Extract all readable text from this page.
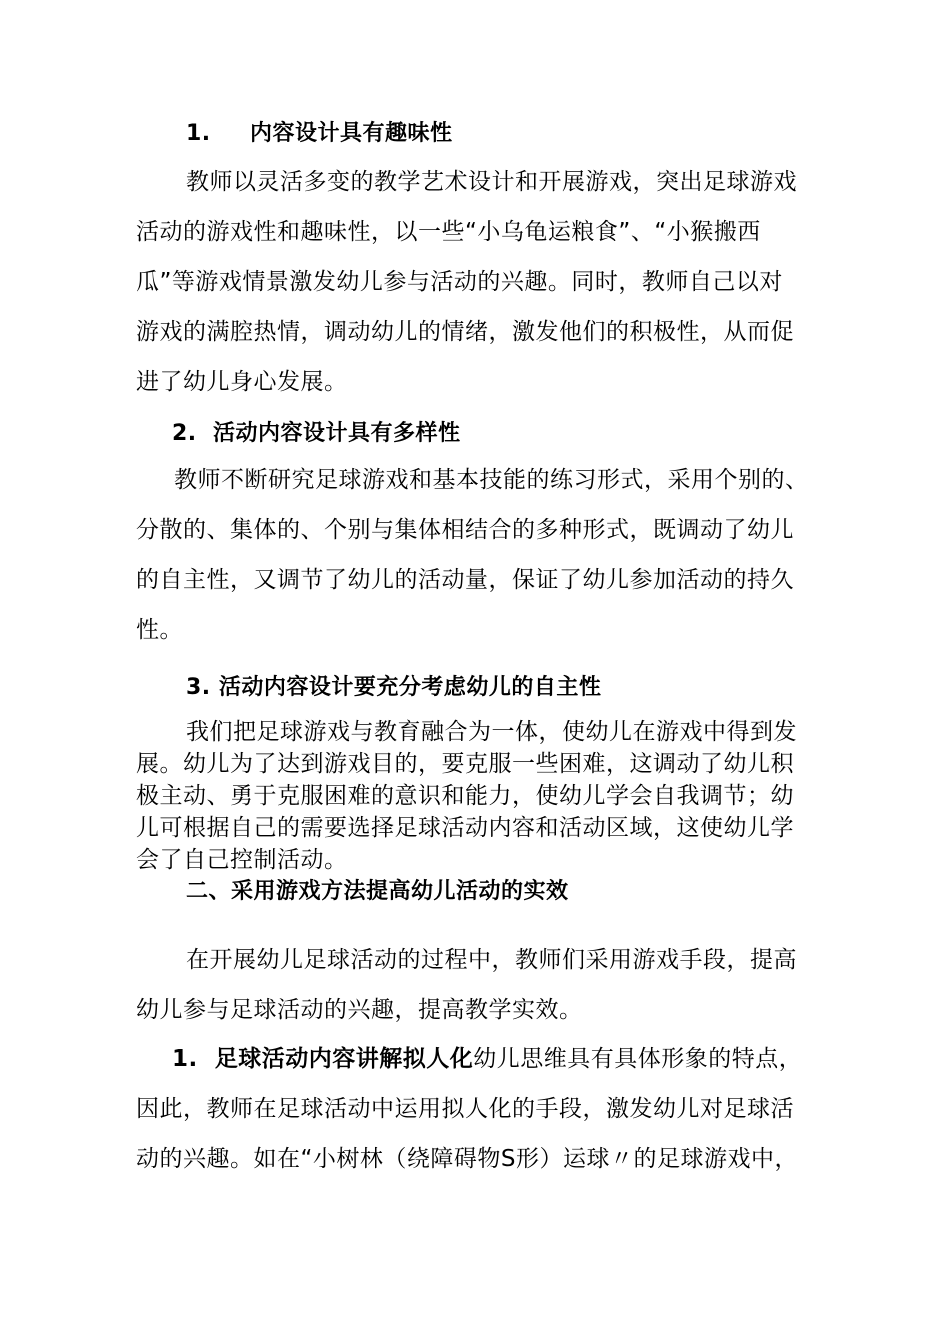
1. 内容设计具有趣味性
教师以灵活多变的教学艺术设计和开展游戏，突出足球游戏
活动的游戏性和趣味性，以一些“小乌龟运粮食”、“小猴搬西
瓜”等游戏情景激发幼儿参与活动的兴趣。同时，教师自己以对
游戏的满腔热情，调动幼儿的情绪，激发他们的积极性，从而促
进了幼儿身心发展。
2.  活动内容设计具有多样性
教师不断研究足球游戏和基本技能的练习形式，采用个别的、
分散的、集体的、个别与集体相结合的多种形式，既调动了幼儿
的自主性，又调节了幼儿的活动量，保证了幼儿参加活动的持久
性。
3. 活动内容设计要充分考虑幼儿的自主性
我们把足球游戏与教育融合为一体，使幼儿在游戏中得到发
展。幼儿为了达到游戏目的，要克服一些困难，这调动了幼儿积
极主动、勇于克服困难的意识和能力，使幼儿学会自我调节；幼
儿可根据自己的需要选择足球活动内容和活动区域，这使幼儿学
会了自己控制活动。
二、采用游戏方法提高幼儿活动的实效
在开展幼儿足球活动的过程中，教师们采用游戏手段，提高
幼儿参与足球活动的兴趣，提高教学实效。
1.  足球活动内容讲解拟人化幼儿思维具有具体形象的特点，
因此，教师在足球活动中运用拟人化的手段，激发幼儿对足球活
动的兴趣。如在“小树林（绕障碍物S形）运球〃的足球游戏中，
